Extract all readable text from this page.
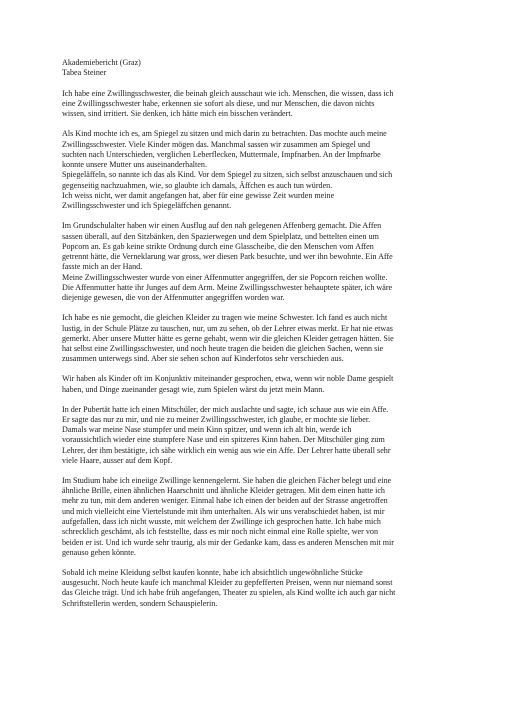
Akademiebericht (Graz)
Tabea Steiner
Ich habe eine Zwillingsschwester, die beinah gleich ausschaut wie ich. Menschen, die wissen, dass ich
eine Zwillingsschwester habe, erkennen sie sofort als diese, und nur Menschen, die davon nichts
wissen, sind irritiert. Sie denken, ich hätte mich ein bisschen verändert.
Als Kind mochte ich es, am Spiegel zu sitzen und mich darin zu betrachten. Das mochte auch meine
Zwillingsschwester. Viele Kinder mögen das. Manchmal sassen wir zusammen am Spiegel und
suchten nach Unterschieden, verglichen Leberflecken, Muttermale, Impfnarben. An der Impfnarbe
konnte unsere Mutter uns auseinanderhalten.
Spiegeläffeln, so nannte ich das als Kind. Vor dem Spiegel zu sitzen, sich selbst anzuschauen und sich
gegenseitig nachzuahmen, wie, so glaubte ich damals, Äffchen es auch tun würden.
Ich weiss nicht, wer damit angefangen hat, aber für eine gewisse Zeit wurden meine
Zwillingsschwester und ich Spiegeläffchen genannt.
Im Grundschulalter haben wir einen Ausflug auf den nah gelegenen Affenberg gemacht. Die Affen
sassen überall, auf den Sitzbänken, den Spazierwegen und dem Spielplatz, und bettelten einen um
Popcorn an. Es gab keine strikte Ordnung durch eine Glasscheibe, die den Menschen vom Affen
getrennt hätte, die Verneklarung war gross, wer diesen Park besuchte, und wer ihn bewohnte. Ein Affe
fasste mich an der Hand.
Meine Zwillingsschwester wurde von einer Affenmutter angegriffen, der sie Popcorn reichen wollte.
Die Affenmutter hatte ihr Junges auf dem Arm. Meine Zwillingsschwester behauptete später, ich wäre
diejenige gewesen, die von der Affenmutter angegriffen worden war.
Ich habe es nie gemocht, die gleichen Kleider zu tragen wie meine Schwester. Ich fand es auch nicht
lustig, in der Schule Plätze zu tauschen, nur, um zu sehen, ob der Lehrer etwas merkt. Er hat nie etwas
gemerkt. Aber unsere Mutter hätte es gerne gehabt, wenn wir die gleichen Kleider getragen hätten. Sie
hat selbst eine Zwillingsschwester, und noch heute tragen die beiden die gleichen Sachen, wenn sie
zusammen unterwegs sind. Aber sie sehen schon auf Kinderfotos sehr verschieden aus.
Wir haben als Kinder oft im Konjunktiv miteinander gesprochen, etwa, wenn wir noble Dame gespielt
haben, und Dinge zueinander gesagt wie, zum Spielen wärst du jetzt mein Mann.
In der Pubertät hatte ich einen Mitschüler, der mich auslachte und sagte, ich schaue aus wie ein Affe.
Er sagte das nur zu mir, und nie zu meiner Zwillingsschwester, ich glaube, er mochte sie lieber.
Damals war meine Nase stumpfer und mein Kinn spitzer, und wenn ich alt bin, werde ich
voraussichtlich wieder eine stumpfere Nase und ein spitzeres Kinn haben. Der Mitschüler ging zum
Lehrer, der ihm bestätigte, ich sähe wirklich ein wenig aus wie ein Affe. Der Lehrer hatte überall sehr
viele Haare, ausser auf dem Kopf.
Im Studium habe ich eineiige Zwillinge kennengelernt. Sie haben die gleichen Fächer belegt und eine
ähnliche Brille, einen ähnlichen Haarschnitt und ähnliche Kleider getragen. Mit dem einen hatte ich
mehr zu tun, mit dem anderen weniger. Einmal habe ich einen der beiden auf der Strasse angetroffen
und mich vielleicht eine Viertelstunde mit ihm unterhalten. Als wir uns verabschiedet haben, ist mir
aufgefallen, dass ich nicht wusste, mit welchem der Zwillinge ich gesprochen hatte. Ich habe mich
schrecklich geschämt, als ich feststellte, dass es mir noch nicht einmal eine Rolle spielte, wer von
beiden er ist. Und ich wurde sehr traurig, als mir der Gedanke kam, dass es anderen Menschen mit mir
genauso gehen könnte.
Sobald ich meine Kleidung selbst kaufen konnte, habe ich absichtlich ungewöhnliche Stücke
ausgesucht. Noch heute kaufe ich manchmal Kleider zu gepfefferten Preisen, wenn nur niemand sonst
das Gleiche trägt. Und ich habe früh angefangen, Theater zu spielen, als Kind wollte ich auch gar nicht
Schriftstellerin werden, sondern Schauspielerin.
